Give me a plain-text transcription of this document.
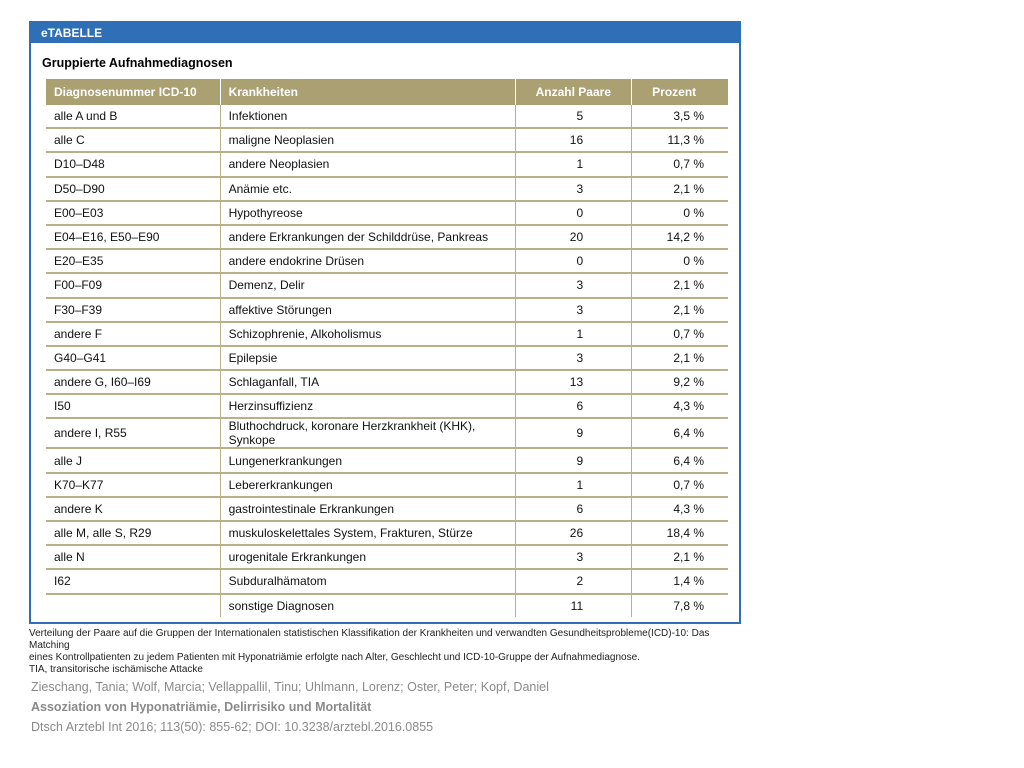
eTABELLE
Gruppierte Aufnahmediagnosen
Diagnosenummer ICD-10	Krankheiten	Anzahl Paare	Prozent
alle A und B	Infektionen	5	3,5 %
alle C	maligne Neoplasien	16	11,3 %
D10–D48	andere Neoplasien	1	0,7 %
D50–D90	Anämie etc.	3	2,1 %
E00–E03	Hypothyreose	0	0 %
E04–E16, E50–E90	andere Erkrankungen der Schilddrüse, Pankreas	20	14,2 %
E20–E35	andere endokrine Drüsen	0	0 %
F00–F09	Demenz, Delir	3	2,1 %
F30–F39	affektive Störungen	3	2,1 %
andere F	Schizophrenie, Alkoholismus	1	0,7 %
G40–G41	Epilepsie	3	2,1 %
andere G, I60–I69	Schlaganfall, TIA	13	9,2 %
I50	Herzinsuffizienz	6	4,3 %
andere I, R55	Bluthochdruck, koronare Herzkrankheit (KHK), Synkope	9	6,4 %
alle J	Lungenerkrankungen	9	6,4 %
K70–K77	Lebererkrankungen	1	0,7 %
andere K	gastrointestinale Erkrankungen	6	4,3 %
alle M, alle S, R29	muskuloskelettales System, Frakturen, Stürze	26	18,4 %
alle N	urogenitale Erkrankungen	3	2,1 %
I62	Subduralhämatom	2	1,4 %
	sonstige Diagnosen	11	7,8 %
Verteilung der Paare auf die Gruppen der Internationalen statistischen Klassifikation der Krankheiten und verwandten Gesundheitsprobleme(ICD)-10: Das Matching
eines Kontrollpatienten zu jedem Patienten mit Hyponatriämie erfolgte nach Alter, Geschlecht und ICD-10-Gruppe der Aufnahmediagnose.
TIA, transitorische ischämische Attacke
Zieschang, Tania; Wolf, Marcia; Vellappallil, Tinu; Uhlmann, Lorenz; Oster, Peter; Kopf, Daniel
Assoziation von Hyponatriämie, Delirrisiko und Mortalität
Dtsch Arztebl Int 2016; 113(50): 855-62; DOI: 10.3238/arztebl.2016.0855
